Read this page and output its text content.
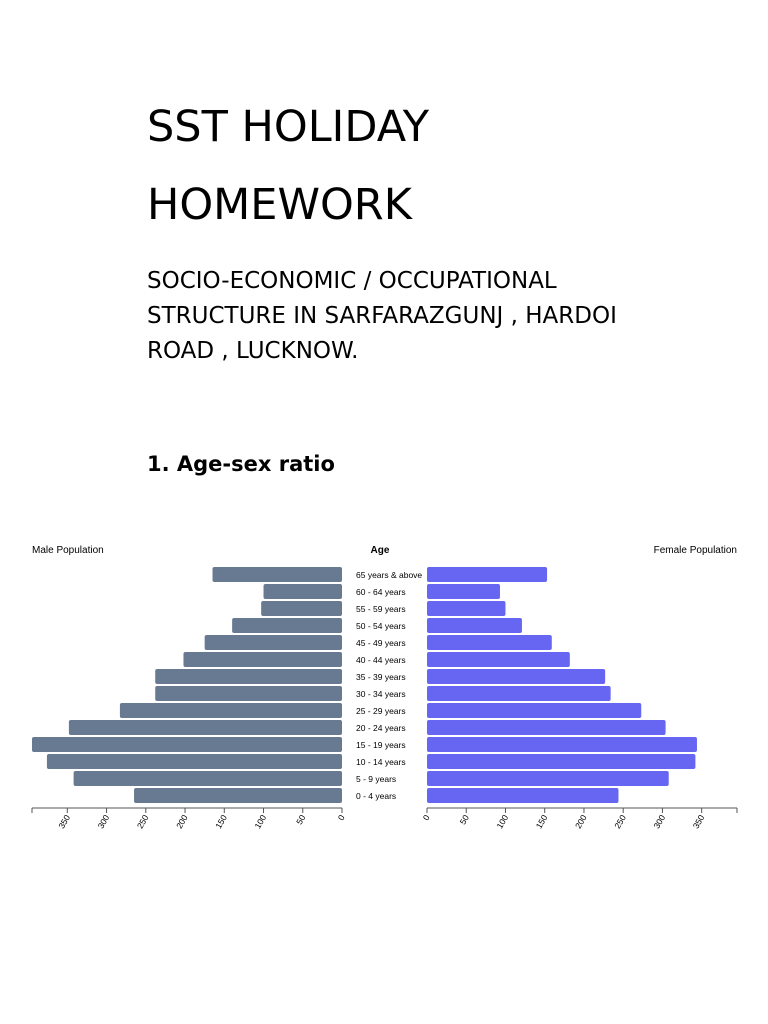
SST HOLIDAY
HOMEWORK

SOCIO-ECONOMIC / OCCUPATIONAL
STRUCTURE IN SARFARAZGUNJ , HARDOI
ROAD , LUCKNOW.

1. Age-sex ratio
Male Population	Age	Female Population
65 years & above
60 - 64 years
55 - 59 years
50 - 54 years
45 - 49 years
40 - 44 years
35 - 39 years
30 - 34 years
25 - 29 years
20 - 24 years
15 - 19 years
10 - 14 years
5 - 9 years
0 - 4 years
0
50
100
150
200
250
300
350	0	50	100	150	200	250	300	350
